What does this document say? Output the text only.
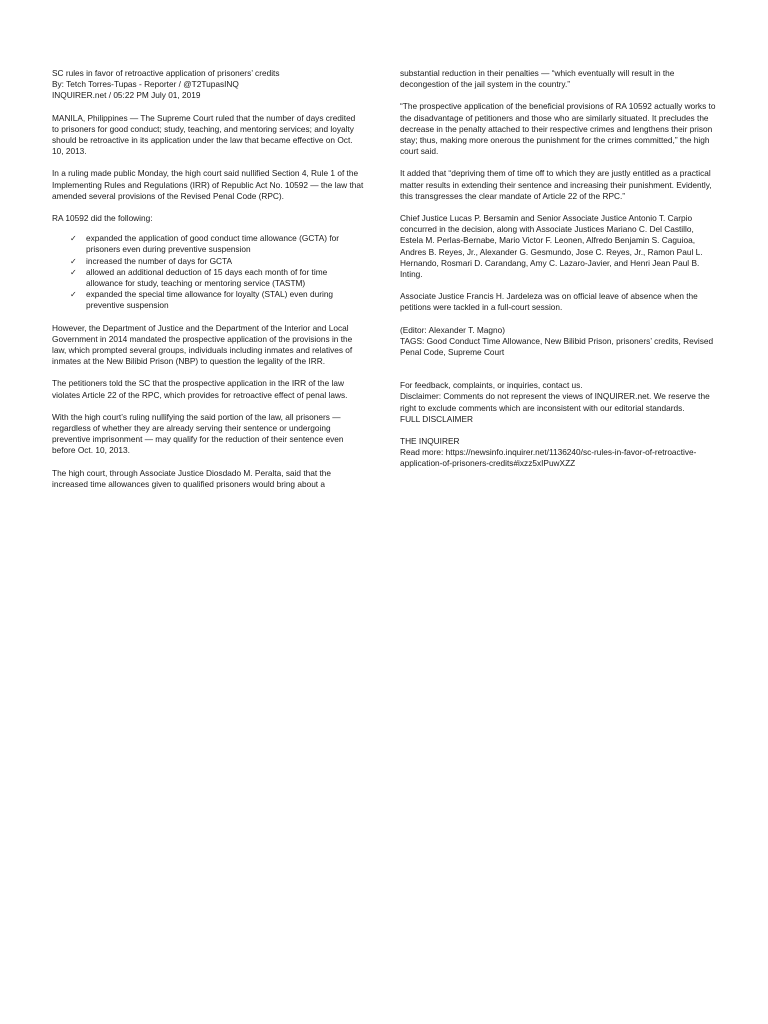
SC rules in favor of retroactive application of prisoners’ credits
By: Tetch Torres-Tupas - Reporter / @T2TupasINQ
INQUIRER.net / 05:22 PM July 01, 2019

MANILA, Philippines — The Supreme Court ruled that the number of days credited to prisoners for good conduct; study, teaching, and mentoring services; and loyalty should be retroactive in its application under the law that became effective on Oct. 10, 2013.

In a ruling made public Monday, the high court said nullified Section 4, Rule 1 of the Implementing Rules and Regulations (IRR) of Republic Act No. 10592 — the law that amended several provisions of the Revised Penal Code (RPC).

RA 10592 did the following:

✓ expanded the application of good conduct time allowance (GCTA) for prisoners even during preventive suspension
✓ increased the number of days for GCTA
✓ allowed an additional deduction of 15 days each month of for time allowance for study, teaching or mentoring service (TASTM)
✓ expanded the special time allowance for loyalty (STAL) even during preventive suspension

However, the Department of Justice and the Department of the Interior and Local Government in 2014 mandated the prospective application of the provisions in the law, which prompted several groups, individuals including inmates and relatives of inmates at the New Bilibid Prison (NBP) to question the legality of the IRR.

The petitioners told the SC that the prospective application in the IRR of the law violates Article 22 of the RPC, which provides for retroactive effect of penal laws.

With the high court’s ruling nullifying the said portion of the law, all prisoners — regardless of whether they are already serving their sentence or undergoing preventive imprisonment — may qualify for the reduction of their sentence even before Oct. 10, 2013.

The high court, through Associate Justice Diosdado M. Peralta, said that the increased time allowances given to qualified prisoners would bring about a

substantial reduction in their penalties — “which eventually will result in the decongestion of the jail system in the country.”

“The prospective application of the beneficial provisions of RA 10592 actually works to the disadvantage of petitioners and those who are similarly situated. It precludes the decrease in the penalty attached to their respective crimes and lengthens their prison stay; thus, making more onerous the punishment for the crimes committed,” the high court said.

It added that “depriving them of time off to which they are justly entitled as a practical matter results in extending their sentence and increasing their punishment. Evidently, this transgresses the clear mandate of Article 22 of the RPC.”

Chief Justice Lucas P. Bersamin and Senior Associate Justice Antonio T. Carpio concurred in the decision, along with Associate Justices Mariano C. Del Castillo, Estela M. Perlas-Bernabe, Mario Victor F. Leonen, Alfredo Benjamin S. Caguioa, Andres B. Reyes, Jr., Alexander G. Gesmundo, Jose C. Reyes, Jr., Ramon Paul L. Hernando, Rosmari D. Carandang, Amy C. Lazaro-Javier, and Henri Jean Paul B. Inting.

Associate Justice Francis H. Jardeleza was on official leave of absence when the petitions were tackled in a full-court session.

(Editor: Alexander T. Magno)

TAGS: Good Conduct Time Allowance, New Bilibid Prison, prisoners’ credits, Revised Penal Code, Supreme Court

For feedback, complaints, or inquiries, contact us.

Disclaimer: Comments do not represent the views of INQUIRER.net. We reserve the right to exclude comments which are inconsistent with our editorial standards.

FULL DISCLAIMER

THE INQUIRER

Read more: https://newsinfo.inquirer.net/1136240/sc-rules-in-favor-of-retroactive-application-of-prisoners-credits#ixzz5xIPuwXZZ
